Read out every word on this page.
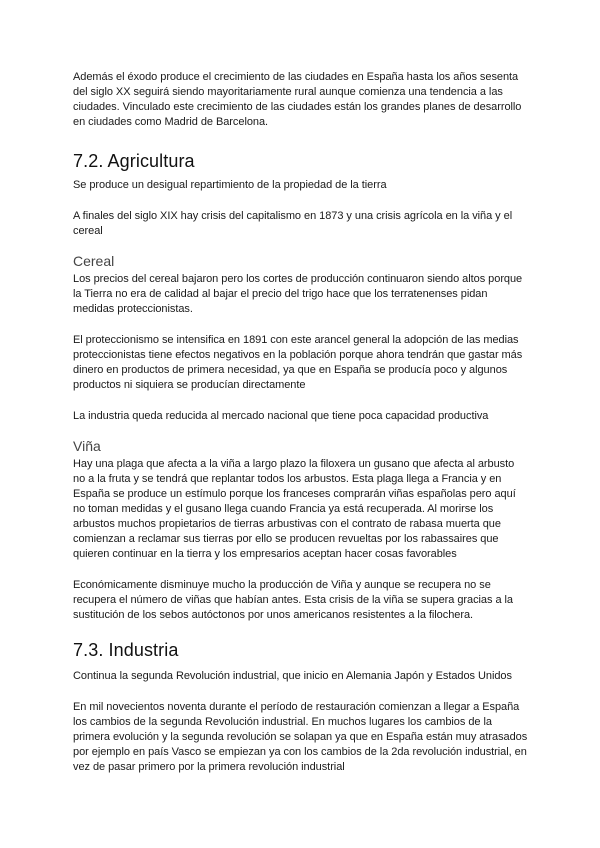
Además el éxodo produce el crecimiento de las ciudades en España hasta los años sesenta del siglo XX seguirá siendo mayoritariamente rural aunque comienza una tendencia a las ciudades. Vinculado este crecimiento de las ciudades están los grandes planes de desarrollo en ciudades como Madrid de Barcelona.

7.2. Agricultura

Se produce un desigual repartimiento de la propiedad de la tierra

A finales del siglo XIX hay crisis del capitalismo en 1873 y una crisis agrícola en la viña y el cereal

Cereal

Los precios del cereal bajaron pero los cortes de producción continuaron siendo altos porque la Tierra no era de calidad al bajar el precio del trigo hace que los terratenenses pidan medidas proteccionistas.

El proteccionismo se intensifica en 1891 con este arancel general la adopción de las medias proteccionistas tiene efectos negativos en la población porque ahora tendrán que gastar más dinero en productos de primera necesidad, ya que en España se producía poco y algunos productos ni siquiera se producían directamente

La industria queda reducida al mercado nacional que tiene poca capacidad productiva

Viña

Hay una plaga que afecta a la viña a largo plazo la filoxera un gusano que afecta al arbusto no a la fruta y se tendrá que replantar todos los arbustos. Esta plaga llega a Francia y en España se produce un estímulo porque los franceses comprarán viñas españolas pero aquí no toman medidas y el gusano llega cuando Francia ya está recuperada. Al morirse los arbustos muchos propietarios de tierras arbustivas con el contrato de rabasa muerta que comienzan a reclamar sus tierras por ello se producen revueltas por los rabassaires que quieren continuar en la tierra y los empresarios aceptan hacer cosas favorables

Económicamente disminuye mucho la producción de Viña y aunque se recupera no se recupera el número de viñas que habían antes. Esta crisis de la viña se supera gracias a la sustitución de los sebos autóctonos por unos americanos resistentes a la filochera.

7.3. Industria

Continua la segunda Revolución industrial, que inicio en Alemania Japón y Estados Unidos

En mil novecientos noventa durante el período de restauración comienzan a llegar a España los cambios de la segunda Revolución industrial. En muchos lugares los cambios de la primera evolución y la segunda revolución se solapan ya que en España están muy atrasados por ejemplo en país Vasco se empiezan ya con los cambios de la 2da revolución industrial, en vez de pasar primero por la primera revolución industrial
